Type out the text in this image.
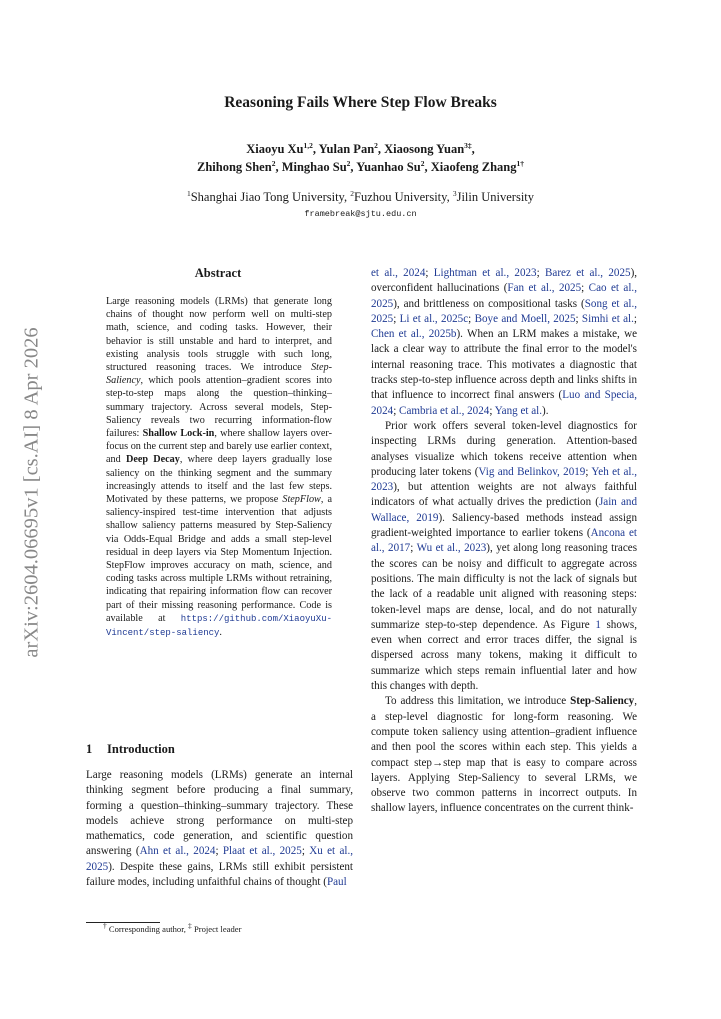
Reasoning Fails Where Step Flow Breaks
Xiaoyu Xu$^{1,2}$, Yulan Pan$^2$, Xiaosong Yuan$^{3\ddagger}$,
Zhihong Shen$^2$, Minghao Su$^2$, Yuanhao Su$^2$, Xiaofeng Zhang$^{1\dagger}$
$^1$Shanghai Jiao Tong University, $^2$Fuzhou University, $^3$Jilin University
framebreak@sjtu.edu.cn
arXiv:2604.06695v1 [cs.AI] 8 Apr 2026
Abstract

Large reasoning models (LRMs) that generate long chains of thought now perform well on multi-step math, science, and coding tasks. However, their behavior is still unstable and hard to interpret, and existing analysis tools struggle with such long, structured reasoning traces. We introduce Step-Saliency, which pools attention–gradient scores into step-to-step maps along the question–thinking–summary trajectory. Across several models, Step-Saliency reveals two recurring information-flow failures: Shallow Lock-in, where shallow layers over-focus on the current step and barely use earlier context, and Deep Decay, where deep layers gradually lose saliency on the thinking segment and the summary increasingly attends to itself and the last few steps. Motivated by these patterns, we propose StepFlow, a saliency-inspired test-time intervention that adjusts shallow saliency patterns measured by Step-Saliency via Odds-Equal Bridge and adds a small step-level residual in deep layers via Step Momentum Injection. StepFlow improves accuracy on math, science, and coding tasks across multiple LRMs without retraining, indicating that repairing information flow can recover part of their missing reasoning performance. Code is available at https://github.com/XiaoyuXu-Vincent/step-saliency.

1 Introduction

Large reasoning models (LRMs) generate an internal thinking segment before producing a final summary, forming a question–thinking–summary trajectory. These models achieve strong performance on multi-step mathematics, code generation, and scientific question answering (Ahn et al., 2024; Plaat et al., 2025; Xu et al., 2025). Despite these gains, LRMs still exhibit persistent failure modes, including unfaithful chains of thought (Paul

† Corresponding author, ‡ Project leader

et al., 2024; Lightman et al., 2023; Barez et al., 2025), overconfident hallucinations (Fan et al., 2025; Cao et al., 2025), and brittleness on compositional tasks (Song et al., 2025; Li et al., 2025c; Boye and Moell, 2025; Simhi et al.; Chen et al., 2025b). When an LRM makes a mistake, we lack a clear way to attribute the final error to the model's internal reasoning trace. This motivates a diagnostic that tracks step-to-step influence across depth and links shifts in that influence to incorrect final answers (Luo and Specia, 2024; Cambria et al., 2024; Yang et al.).

Prior work offers several token-level diagnostics for inspecting LRMs during generation. Attention-based analyses visualize which tokens receive attention when producing later tokens (Vig and Belinkov, 2019; Yeh et al., 2023), but attention weights are not always faithful indicators of what actually drives the prediction (Jain and Wallace, 2019). Saliency-based methods instead assign gradient-weighted importance to earlier tokens (Ancona et al., 2017; Wu et al., 2023), yet along long reasoning traces the scores can be noisy and difficult to aggregate across positions. The main difficulty is not the lack of signals but the lack of a readable unit aligned with reasoning steps: token-level maps are dense, local, and do not naturally summarize step-to-step dependence. As Figure 1 shows, even when correct and error traces differ, the signal is dispersed across many tokens, making it difficult to summarize which steps remain influential later and how this changes with depth.

To address this limitation, we introduce Step-Saliency, a step-level diagnostic for long-form reasoning. We compute token saliency using attention–gradient influence and then pool the scores within each step. This yields a compact step→step map that is easy to compare across layers. Applying Step-Saliency to several LRMs, we observe two common patterns in incorrect outputs. In shallow layers, influence concentrates on the current think-
